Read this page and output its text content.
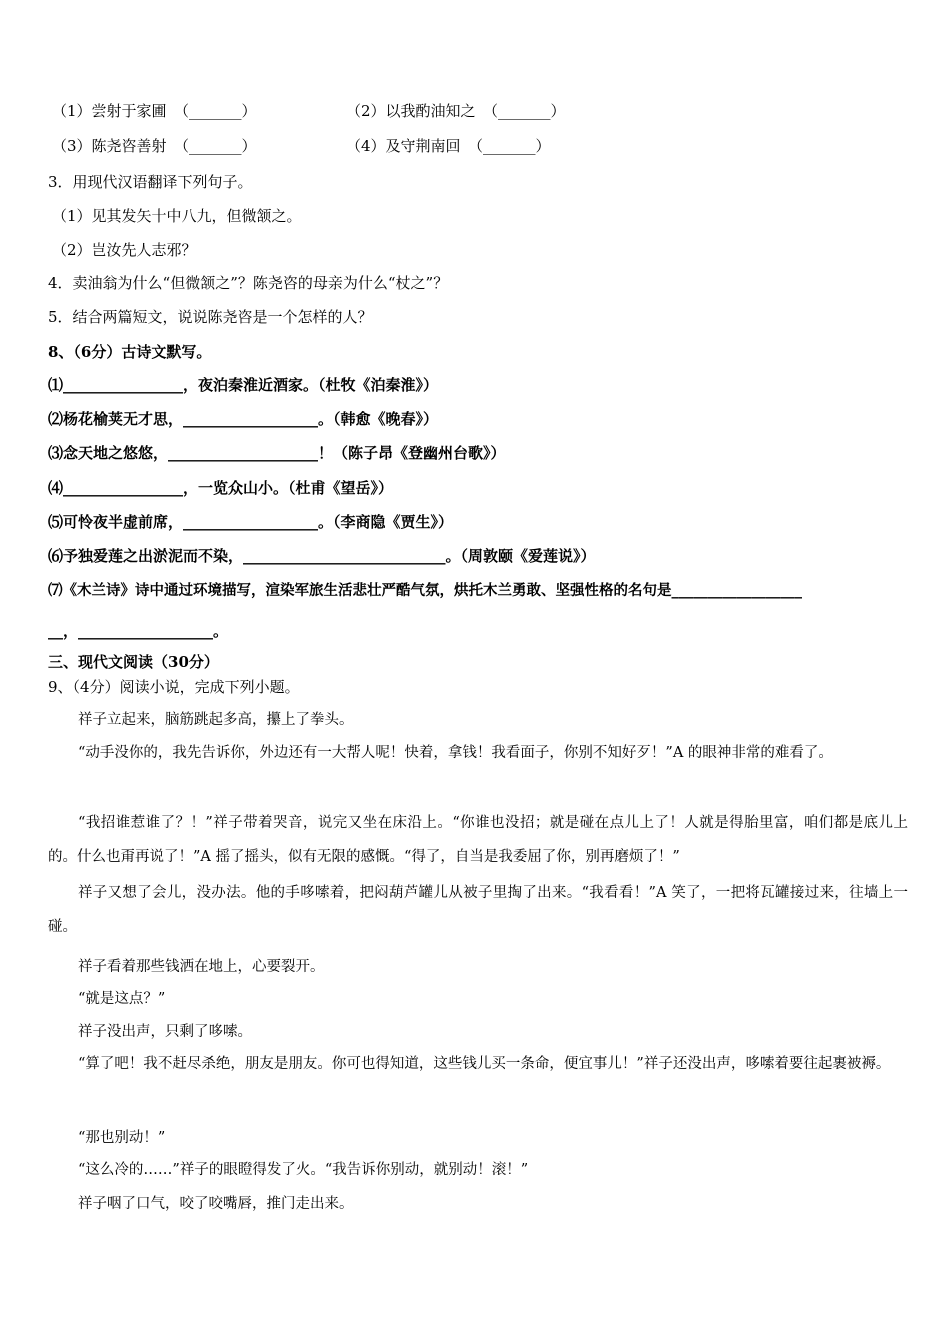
（1）尝射于家圃　（_______）	（2）以我酌油知之　（_______）
（3）陈尧咨善射　（_______）	（4）及守荆南回　（_______）
3．用现代汉语翻译下列句子。
（1）见其发矢十中八九，但微颔之。
（2）岂汝先人志邪？
4．卖油翁为什么“但微颔之”？陈尧咨的母亲为什么“杖之”？
5．结合两篇短文，说说陈尧咨是一个怎样的人？
8、（6分）古诗文默写。
⑴________________，夜泊秦淮近酒家。（杜牧《泊秦淮》）
⑵杨花榆荚无才思，__________________。（韩愈《晚春》）
⑶念天地之悠悠，____________________！（陈子昂《登幽州台歌》）
⑷________________，一览众山小。（杜甫《望岳》）
⑸可怜夜半虚前席，__________________。（李商隐《贾生》）
⑹予独爱莲之出淤泥而不染，___________________________。（周敦颐《爱莲说》）
⑺《木兰诗》诗中通过环境描写，渲染军旅生活悲壮严酷气氛，烘托木兰勇敢、坚强性格的名句是__________________
__，__________________。
三、现代文阅读（30分）
9、（4分）阅读小说，完成下列小题。
祥子立起来，脑筋跳起多高，攥上了拳头。

“动手没你的，我先告诉你，外边还有一大帮人呢！快着，拿钱！我看面子，你别不知好歹！”A 的眼神非常的难看了。

“我招谁惹谁了？！”祥子带着哭音，说完又坐在床沿上。“你谁也没招；就是碰在点儿上了！人就是得胎里富，咱们都是底儿上的。什么也甭再说了！”A 摇了摇头，似有无限的感慨。“得了，自当是我委屈了你，别再磨烦了！”

祥子又想了会儿，没办法。他的手哆嗦着，把闷葫芦罐儿从被子里掏了出来。“我看看！”A 笑了，一把将瓦罐接过来，往墙上一碰。

祥子看着那些钱洒在地上，心要裂开。
“就是这点？”
祥子没出声，只剩了哆嗦。

“算了吧！我不赶尽杀绝，朋友是朋友。你可也得知道，这些钱儿买一条命，便宜事儿！”祥子还没出声，哆嗦着要往起裹被褥。

“那也别动！”
“这么冷的……”祥子的眼瞪得发了火。“我告诉你别动，就别动！滚！”
祥子咽了口气，咬了咬嘴唇，推门走出来。
